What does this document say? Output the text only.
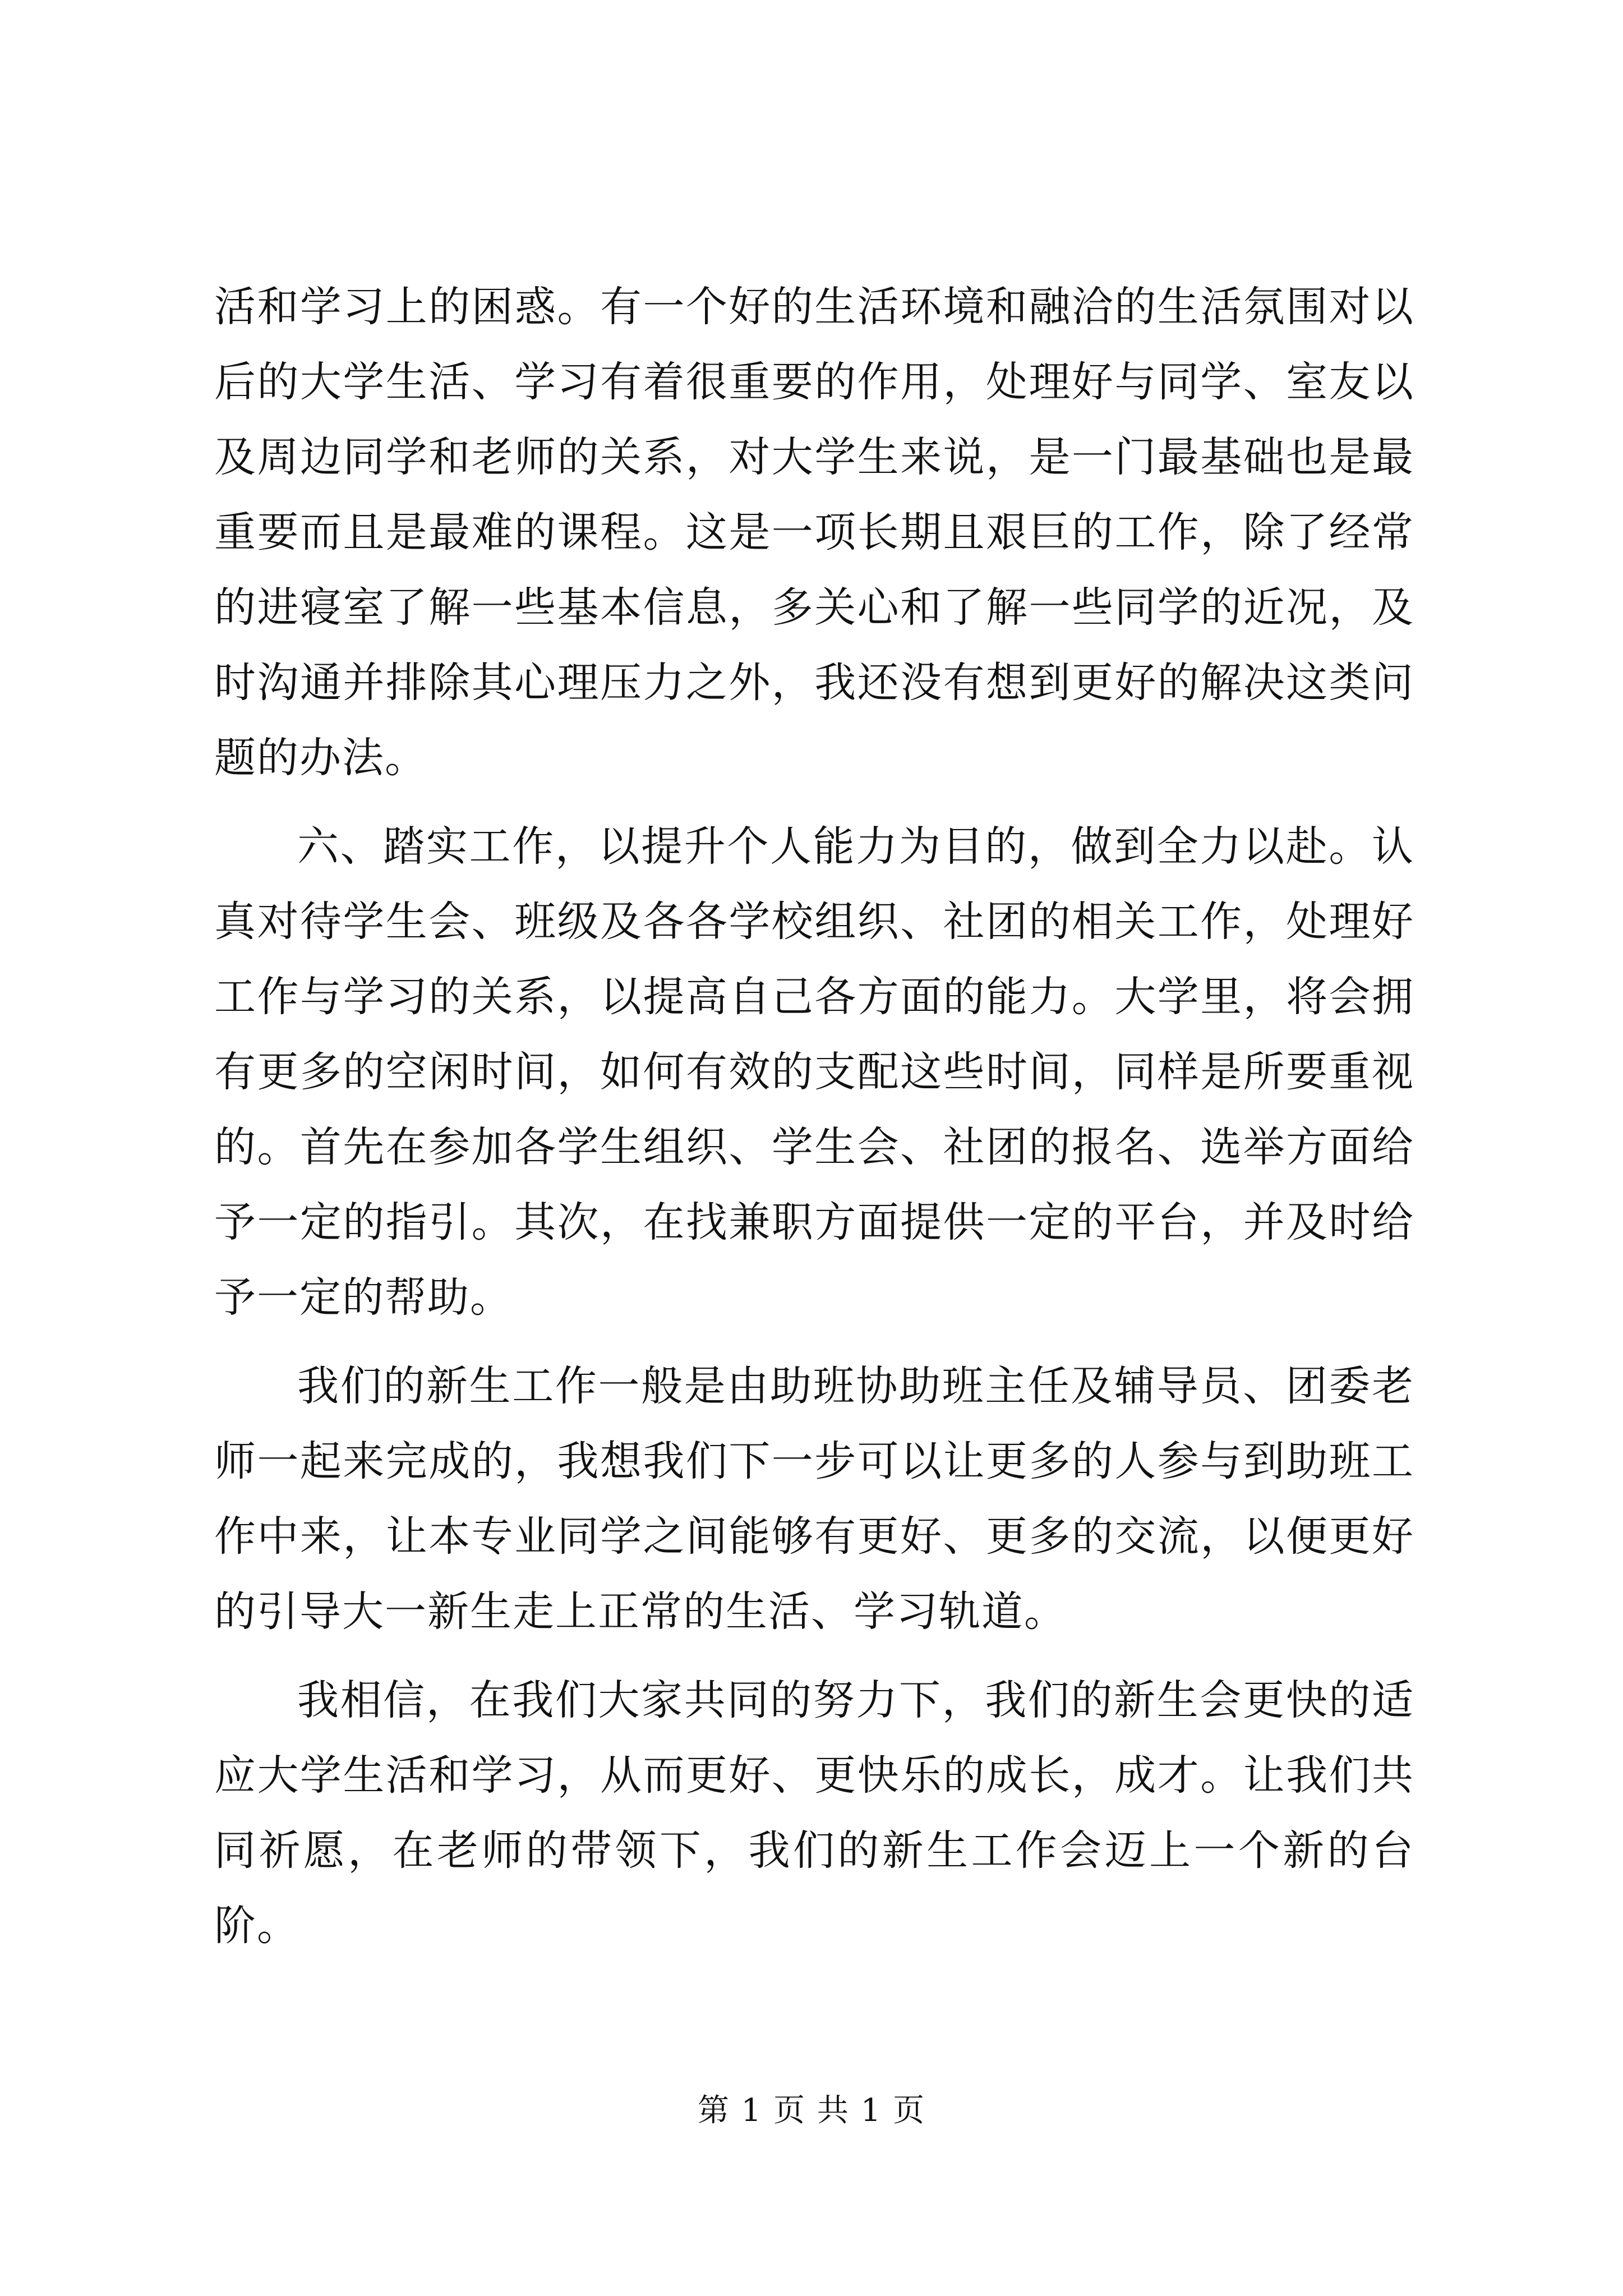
活和学习上的困惑。有一个好的生活环境和融洽的生活氛围对以后的大学生活、学习有着很重要的作用，处理好与同学、室友以及周边同学和老师的关系，对大学生来说，是一门最基础也是最重要而且是最难的课程。这是一项长期且艰巨的工作，除了经常的进寝室了解一些基本信息，多关心和了解一些同学的近况，及时沟通并排除其心理压力之外，我还没有想到更好的解决这类问题的办法。

六、踏实工作，以提升个人能力为目的，做到全力以赴。认真对待学生会、班级及各各学校组织、社团的相关工作，处理好工作与学习的关系，以提高自己各方面的能力。大学里，将会拥有更多的空闲时间，如何有效的支配这些时间，同样是所要重视的。首先在参加各学生组织、学生会、社团的报名、选举方面给予一定的指引。其次，在找兼职方面提供一定的平台，并及时给予一定的帮助。

我们的新生工作一般是由助班协助班主任及辅导员、团委老师一起来完成的，我想我们下一步可以让更多的人参与到助班工作中来，让本专业同学之间能够有更好、更多的交流，以便更好的引导大一新生走上正常的生活、学习轨道。

我相信，在我们大家共同的努力下，我们的新生会更快的适应大学生活和学习，从而更好、更快乐的成长，成才。让我们共同祈愿，在老师的带领下，我们的新生工作会迈上一个新的台阶。

第 1 页 共 1 页
